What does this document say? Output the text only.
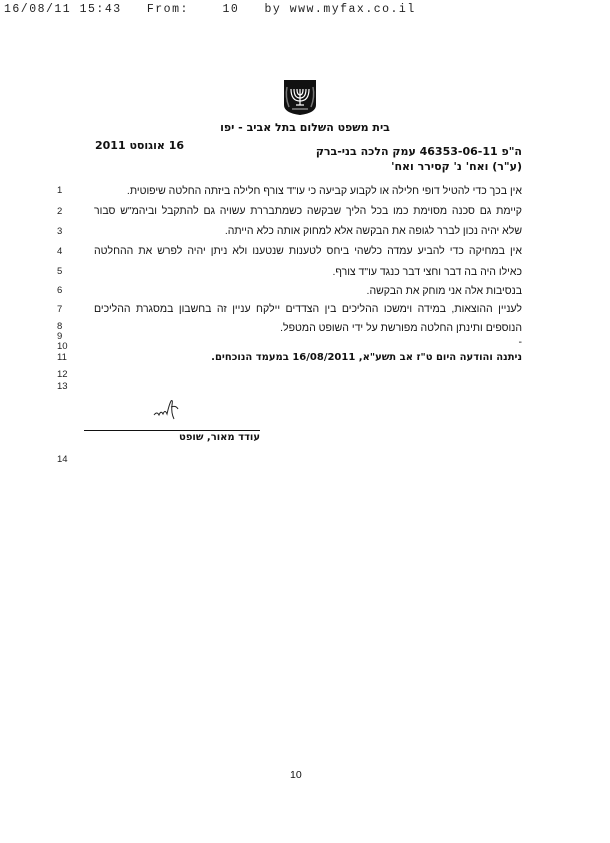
16/08/11 15:43 From:	10 by www.myfax.co.il
בית משפט השלום בתל אביב - יפו
16 אוגוסט 2011	ה"פ 46353-06-11 עמק הלכה בני-ברק
(ע"ר) ואח' נ' קסירר ואח'
1
2
3
4
5
6
7
8
9
10
11
12
13
14
אין בכך כדי להטיל דופי חלילה או לקבוע קביעה כי עו"ד צורף חלילה ביזתה החלטה שיפוטית.
קיימת גם סכנה מסוימת כמו בכל הליך שבקשה כשמתבררת עשויה גם להתקבל וביהמ"ש סבור
שלא יהיה נכון לברר לגופה את הבקשה אלא למחוק אותה כלא הייתה.
אין במחיקה כדי להביע עמדה כלשהי ביחס לטענות שנטענו ולא ניתן יהיה לפרש את ההחלטה
כאילו היה בה דבר וחצי דבר כנגד עו"ד צורף.
בנסיבות אלה אני מוחק את הבקשה.
לעניין ההוצאות, במידה וימשכו ההליכים בין הצדדים יילקח עניין זה בחשבון במסגרת ההליכים
הנוספים ותינתן החלטה מפורשת על ידי השופט המטפל.
-
ניתנה והודעה היום ט"ז אב תשע"א, 16/08/2011 במעמד הנוכחים.
עודד מאור, שופט
10
